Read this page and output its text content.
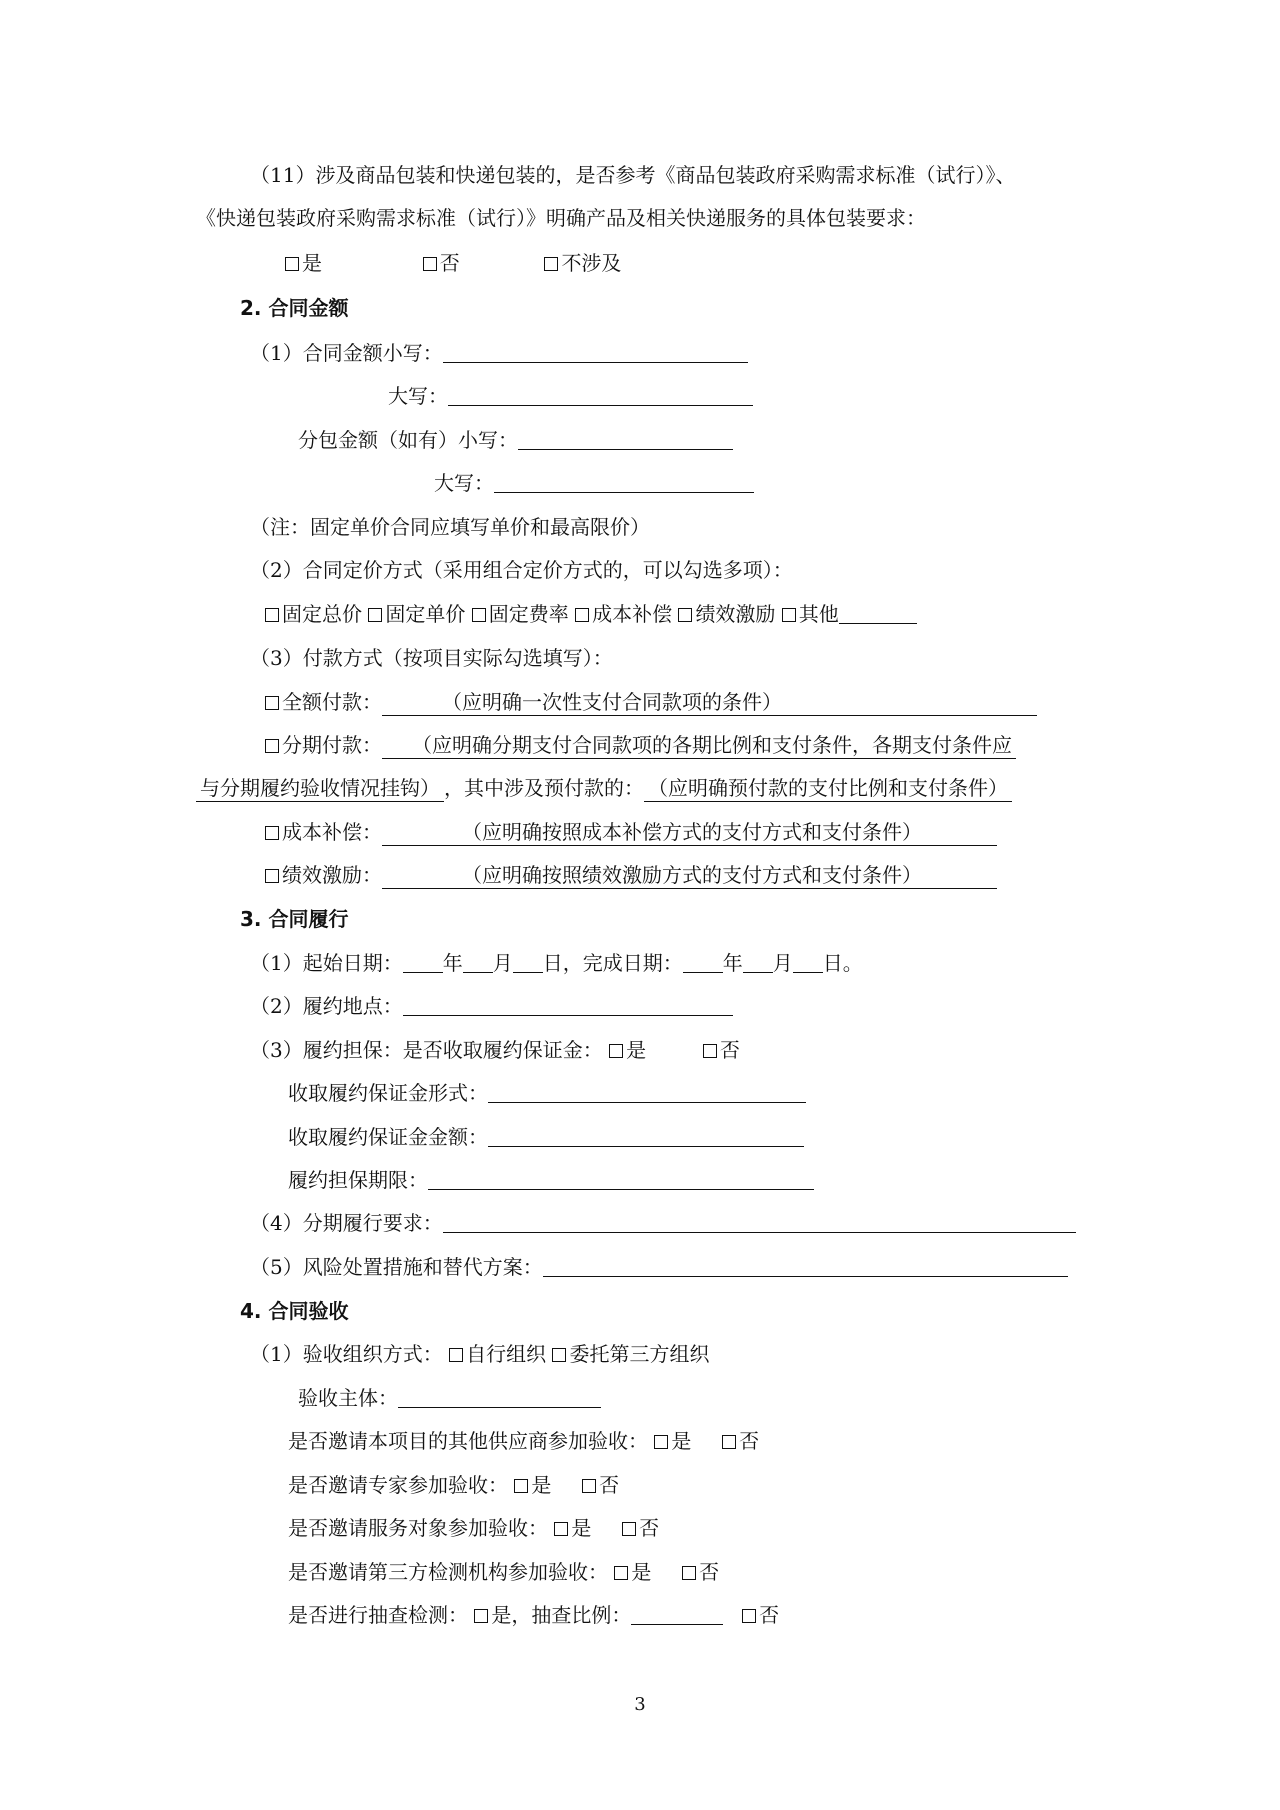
（11）涉及商品包装和快递包装的，是否参考《商品包装政府采购需求标准（试行）》、
《快递包装政府采购需求标准（试行）》明确产品及相关快递服务的具体包装要求：
是	否	不涉及
2. 合同金额
（1）合同金额小写：
大写：
分包金额（如有）小写：
大写：
（注：固定单价合同应填写单价和最高限价）
（2）合同定价方式（采用组合定价方式的，可以勾选多项）：
固定总价 固定单价 固定费率 成本补偿 绩效激励 其他
（3）付款方式（按项目实际勾选填写）：
全额付款：	（应明确一次性支付合同款项的条件）
分期付款： （应明确分期支付合同款项的各期比例和支付条件，各期支付条件应
与分期履约验收情况挂钩） ，其中涉及预付款的： （应明确预付款的支付比例和支付条件）
成本补偿：	（应明确按照成本补偿方式的支付方式和支付条件）
绩效激励：	（应明确按照绩效激励方式的支付方式和支付条件）
3. 合同履行
（1）起始日期： 年 月 日，完成日期： 年 月 日。
（2）履约地点：
（3）履约担保：是否收取履约保证金： 是	否
收取履约保证金形式：
收取履约保证金金额：
履约担保期限：
（4）分期履行要求：
（5）风险处置措施和替代方案：
4. 合同验收
（1）验收组织方式： 自行组织 委托第三方组织
验收主体：
是否邀请本项目的其他供应商参加验收： 是 否
是否邀请专家参加验收： 是 否
是否邀请服务对象参加验收： 是 否
是否邀请第三方检测机构参加验收： 是 否
是否进行抽查检测： 是，抽查比例：	否
3
